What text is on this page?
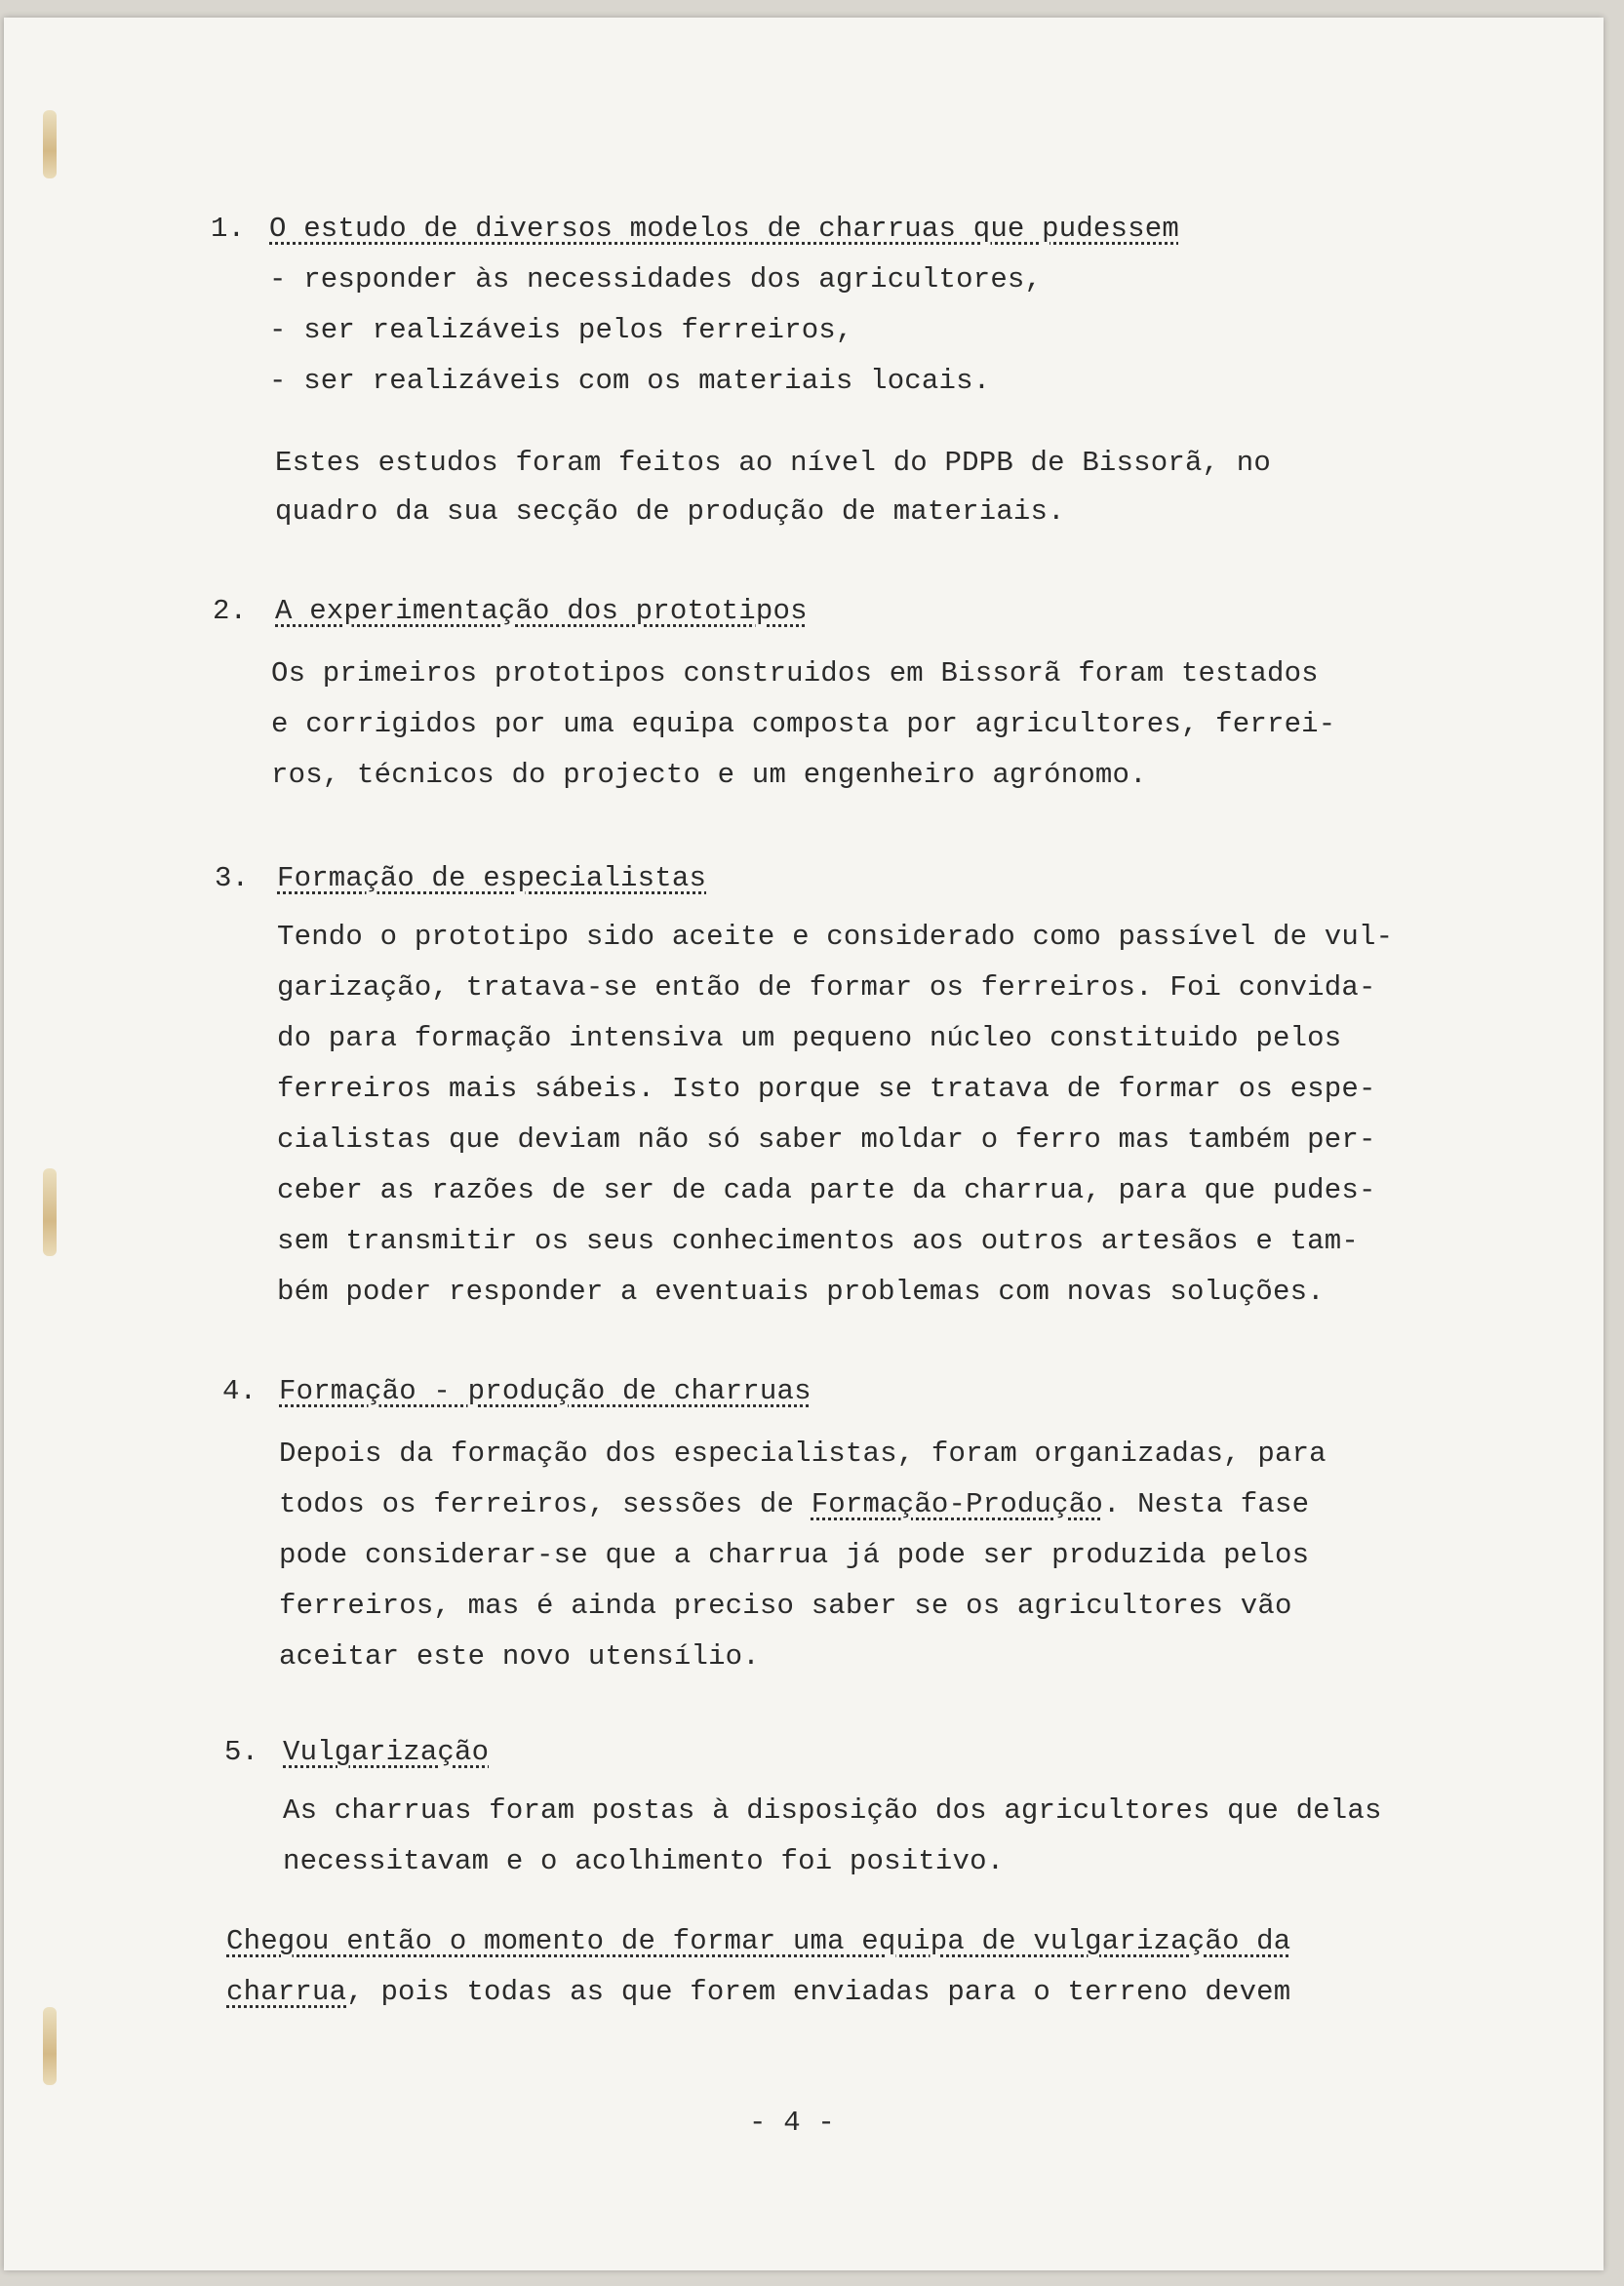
1. O estudo de diversos modelos de charruas que pudessem
- responder às necessidades dos agricultores,
- ser realizáveis pelos ferreiros,
- ser realizáveis com os materiais locais.
Estes estudos foram feitos ao nível do PDPB de Bissorã, no
quadro da sua secção de produção de materiais.
2. A experimentação dos prototipos
Os primeiros prototipos construidos em Bissorã foram testados
e corrigidos por uma equipa composta por agricultores, ferrei-
ros, técnicos do projecto e um engenheiro agrónomo.
3. Formação de especialistas
Tendo o prototipo sido aceite e considerado como passível de vul-
garização, tratava-se então de formar os ferreiros. Foi convida-
do para formação intensiva um pequeno núcleo constituido pelos
ferreiros mais sábeis. Isto porque se tratava de formar os espe-
cialistas que deviam não só saber moldar o ferro mas também per-
ceber as razões de ser de cada parte da charrua, para que pudes-
sem transmitir os seus conhecimentos aos outros artesãos e tam-
bém poder responder a eventuais problemas com novas soluções.
4. Formação - produção de charruas
Depois da formação dos especialistas, foram organizadas, para
todos os ferreiros, sessões de Formação-Produção. Nesta fase
pode considerar-se que a charrua já pode ser produzida pelos
ferreiros, mas é ainda preciso saber se os agricultores vão
aceitar este novo utensílio.
5. Vulgarização
As charruas foram postas à disposição dos agricultores que delas
necessitavam e o acolhimento foi positivo.
Chegou então o momento de formar uma equipa de vulgarização da
charrua, pois todas as que forem enviadas para o terreno devem
- 4 -
